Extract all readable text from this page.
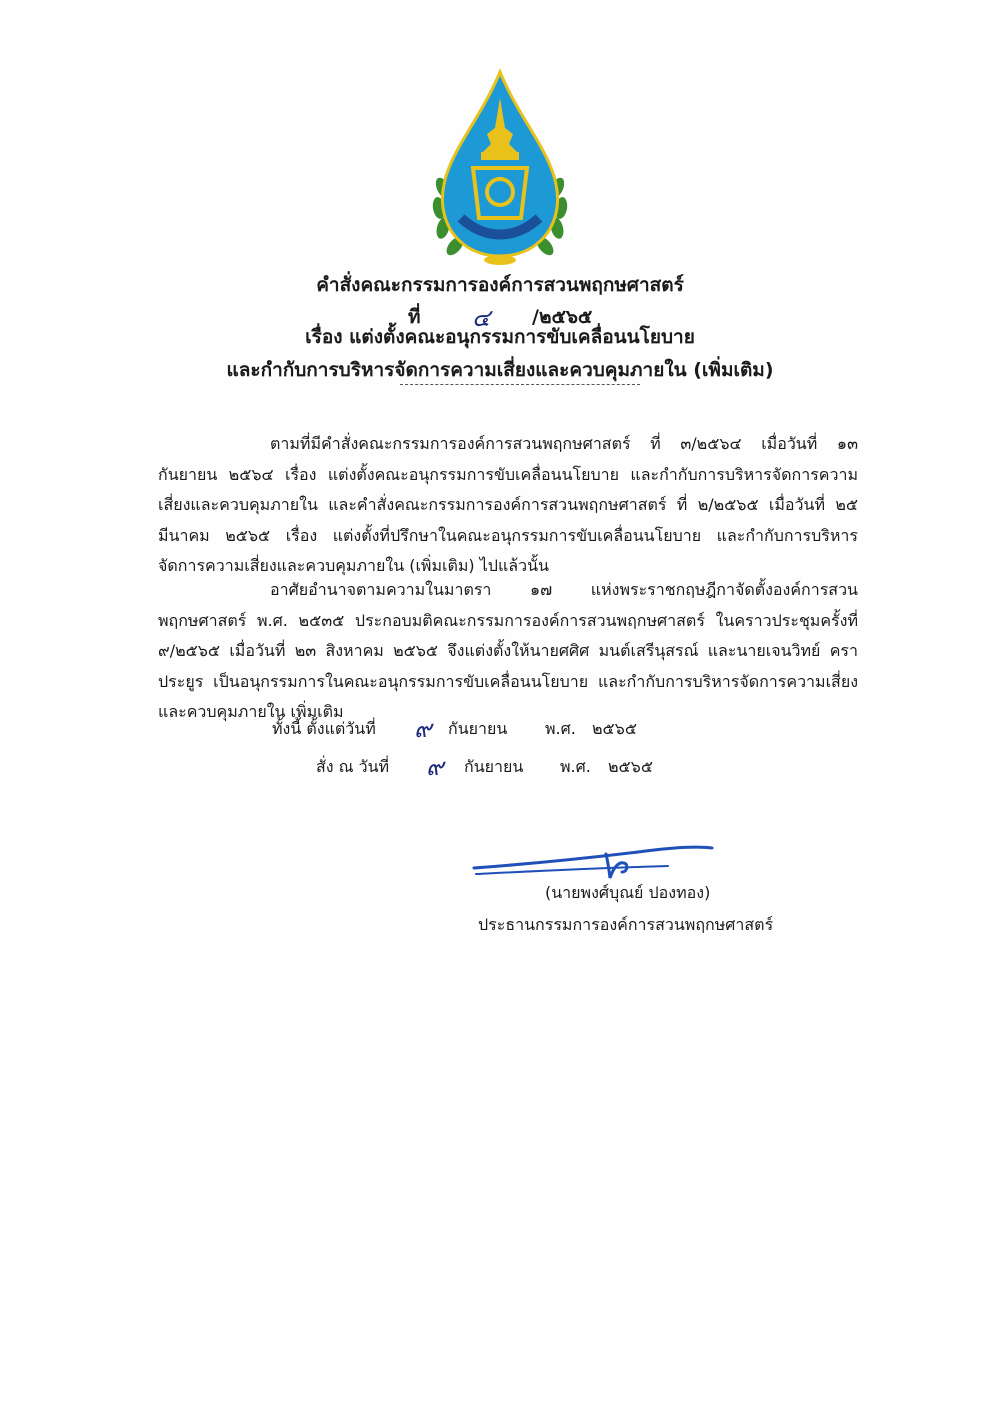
คำสั่งคณะกรรมการองค์การสวนพฤกษศาสตร์
ที่ ๔ /๒๕๖๕
เรื่อง แต่งตั้งคณะอนุกรรมการขับเคลื่อนนโยบาย
และกำกับการบริหารจัดการความเสี่ยงและควบคุมภายใน (เพิ่มเติม)
ตามที่มีคำสั่งคณะกรรมการองค์การสวนพฤกษศาสตร์ ที่ ๓/๒๕๖๔ เมื่อวันที่ ๑๓ กันยายน ๒๕๖๔ เรื่อง แต่งตั้งคณะอนุกรรมการขับเคลื่อนนโยบาย และกำกับการบริหารจัดการความเสี่ยงและควบคุมภายใน และคำสั่งคณะกรรมการองค์การสวนพฤกษศาสตร์ ที่ ๒/๒๕๖๕ เมื่อวันที่ ๒๕ มีนาคม ๒๕๖๕ เรื่อง แต่งตั้งที่ปรึกษาในคณะอนุกรรมการขับเคลื่อนนโยบาย และกำกับการบริหารจัดการความเสี่ยงและควบคุมภายใน (เพิ่มเติม) ไปแล้วนั้น
อาศัยอำนาจตามความในมาตรา ๑๗ แห่งพระราชกฤษฎีกาจัดตั้งองค์การสวนพฤกษศาสตร์ พ.ศ. ๒๕๓๕ ประกอบมติคณะกรรมการองค์การสวนพฤกษศาสตร์ ในคราวประชุมครั้งที่ ๙/๒๕๖๕ เมื่อวันที่ ๒๓ สิงหาคม ๒๕๖๕ จึงแต่งตั้งให้นายศศิศ มนต์เสรีนุสรณ์ และนายเจนวิทย์ คราประยูร เป็นอนุกรรมการในคณะอนุกรรมการขับเคลื่อนนโยบาย และกำกับการบริหารจัดการความเสี่ยงและควบคุมภายใน เพิ่มเติม
ทั้งนี้ ตั้งแต่วันที่ ๙ กันยายน พ.ศ. ๒๕๖๕
สั่ง ณ วันที่ ๙ กันยายน พ.ศ. ๒๕๖๕
(นายพงศ์บุณย์ ปองทอง)
ประธานกรรมการองค์การสวนพฤกษศาสตร์
